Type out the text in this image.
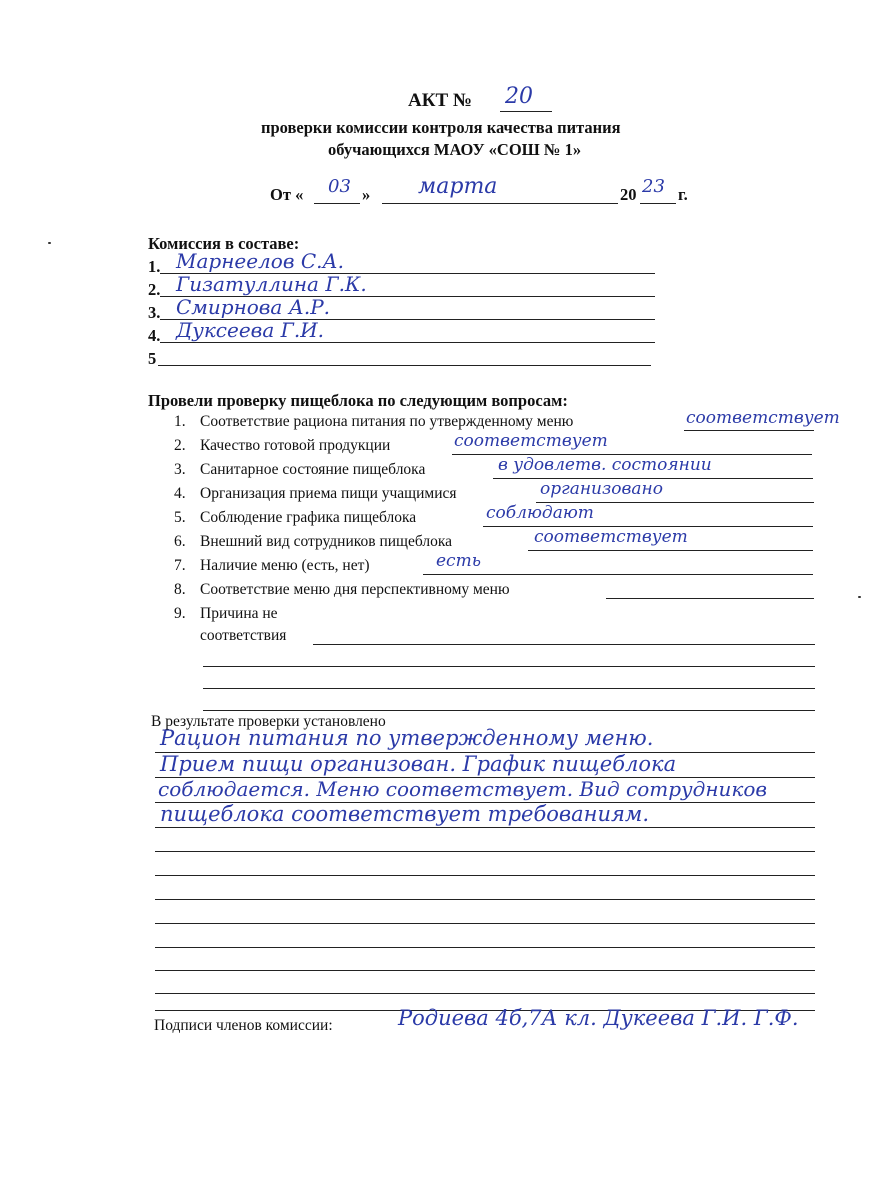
АКТ № 20
проверки комиссии контроля качества питания
обучающихся МАОУ «СОШ № 1»
От « 03 » марта	20 23 г.
Комиссия в составе:
1. Марнеелов С.А.
2. Гизатуллина Г.К.
3. Смирнова А.Р.
4. Дуксеева Г.И.
5
Провели проверку пищеблока по следующим вопросам:
1. Соответствие рациона питания по утвержденному меню	соответствует
2. Качество готовой продукции	соответствует
3. Санитарное состояние пищеблока	в удовлетв. состоянии
4. Организация приема пищи учащимися	организовано
5. Соблюдение графика пищеблока	соблюдают
6. Внешний вид сотрудников пищеблока	соответствует
7. Наличие меню (есть, нет)	есть
8. Соответствие меню дня перспективному меню
9. Причина не
соответствия
В результате проверки установлено
Рацион питания по утвержденному меню.
Прием пищи организован. График пищеблока
соблюдается. Меню соответствует. Вид сотрудников
пищеблока соответствует требованиям.
Подписи членов комиссии:	Родиева 4б,7А кл. Дукеева Г.И. Г.Ф.
